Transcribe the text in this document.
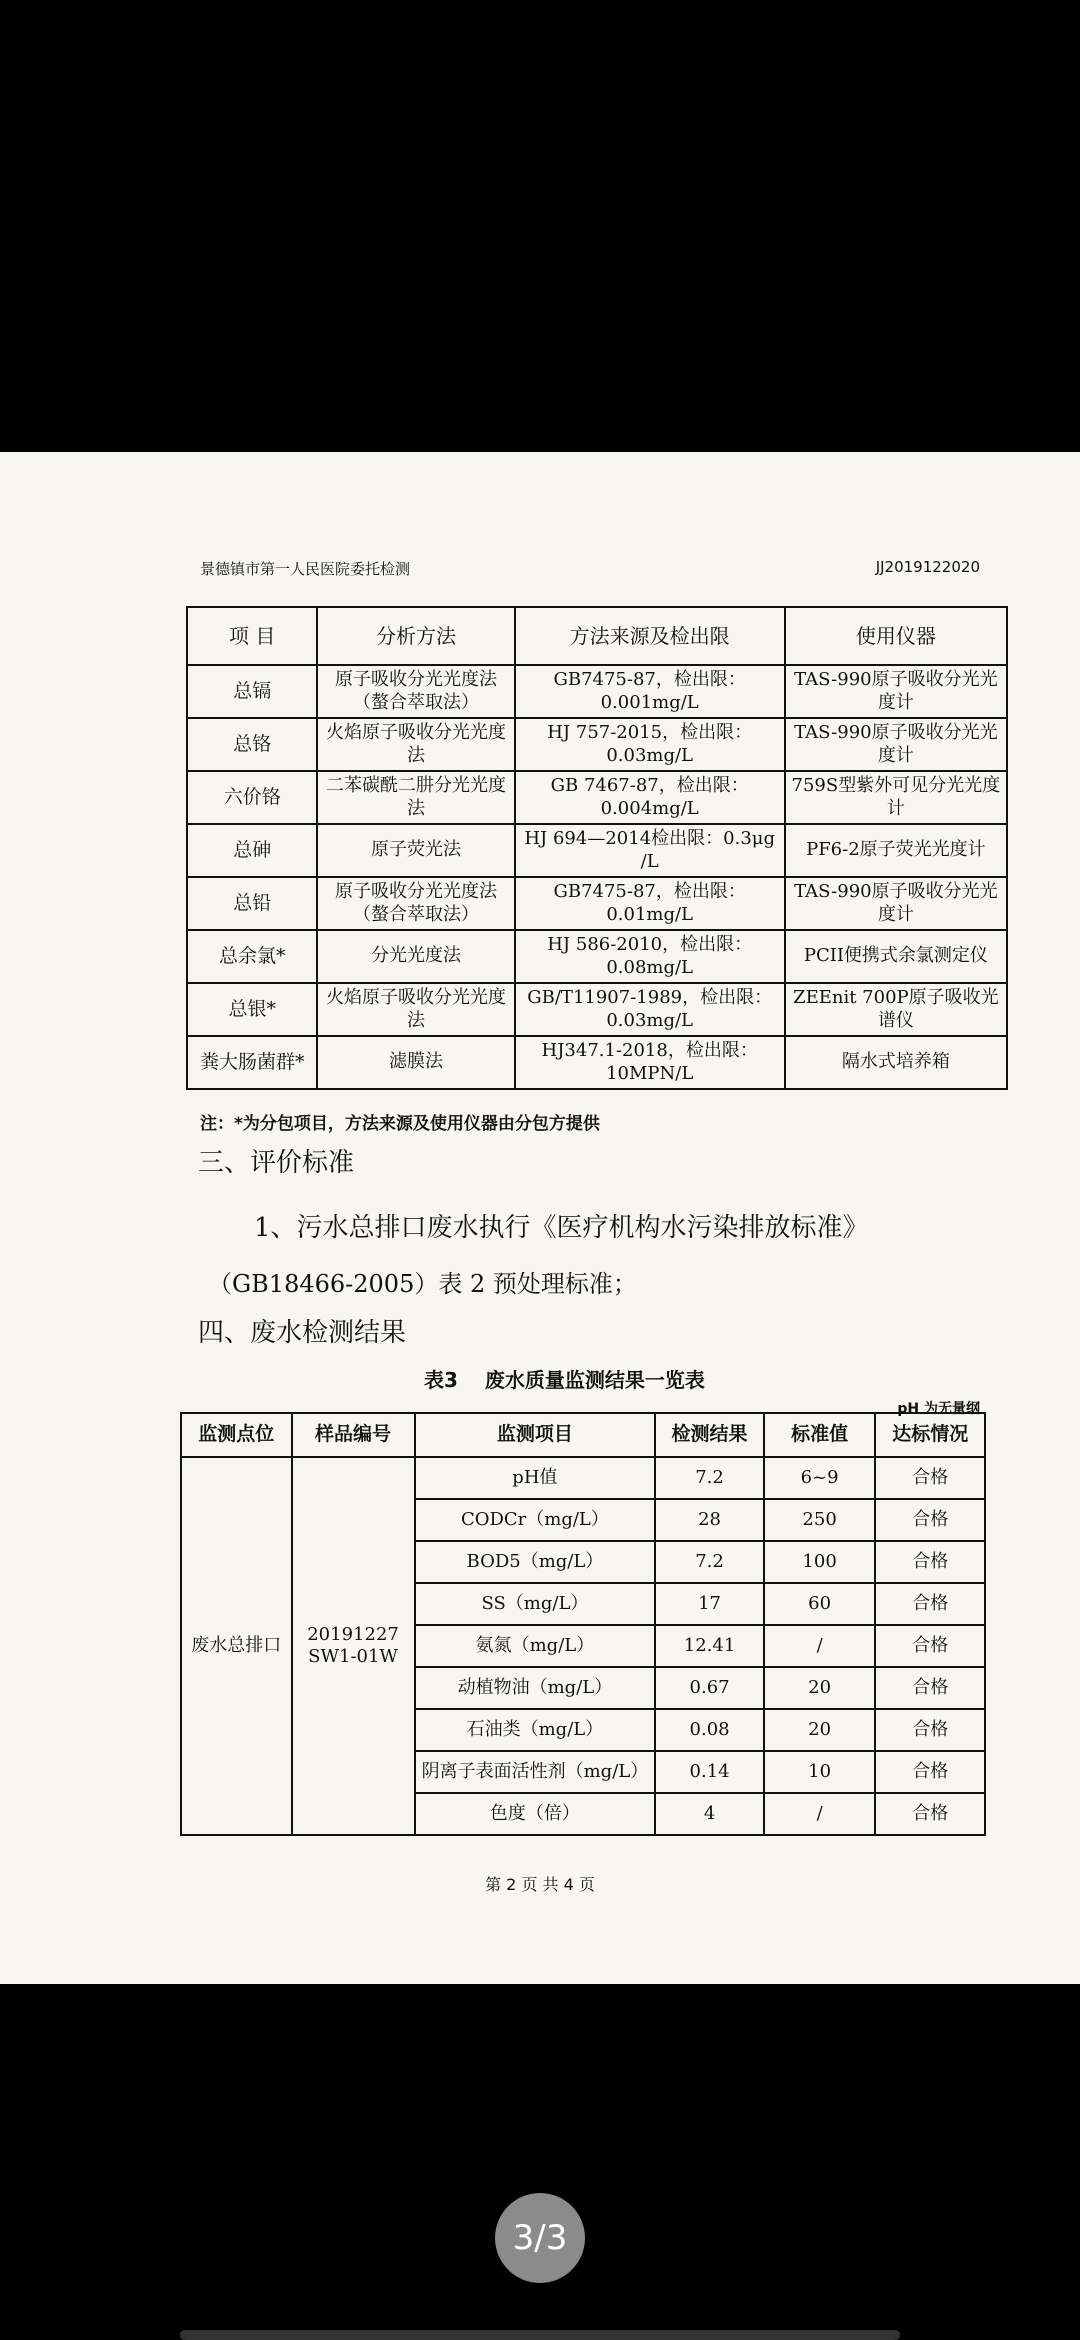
景德镇市第一人民医院委托检测	JJ2019122020
项 目	分析方法	方法来源及检出限	使用仪器
总镉	原子吸收分光光度法（螯合萃取法）	GB7475-87，检出限：0.001mg/L	TAS-990原子吸收分光光度计
总铬	火焰原子吸收分光光度法	HJ 757-2015，检出限：0.03mg/L	TAS-990原子吸收分光光度计
六价铬	二苯碳酰二肼分光光度法	GB 7467-87，检出限：0.004mg/L	759S型紫外可见分光光度计
总砷	原子荧光法	HJ 694—2014检出限：0.3μg /L	PF6-2原子荧光光度计
总铅	原子吸收分光光度法（螯合萃取法）	GB7475-87，检出限：0.01mg/L	TAS-990原子吸收分光光度计
总余氯*	分光光度法	HJ 586-2010，检出限：0.08mg/L	PCII便携式余氯测定仪
总银*	火焰原子吸收分光光度法	GB/T11907-1989，检出限：0.03mg/L	ZEEnit 700P原子吸收光谱仪
粪大肠菌群*	滤膜法	HJ347.1-2018，检出限：10MPN/L	隔水式培养箱
注：*为分包项目，方法来源及使用仪器由分包方提供
三、评价标准
1、污水总排口废水执行《医疗机构水污染排放标准》
（GB18466-2005）表 2 预处理标准；
四、废水检测结果
表3　 废水质量监测结果一览表
pH 为无量纲
监测点位	样品编号	监测项目	检测结果	标准值	达标情况
废水总排口	20191227 SW1-01W	pH值	7.2	6~9	合格
		CODCr（mg/L）	28	250	合格
		BOD5（mg/L）	7.2	100	合格
		SS（mg/L）	17	60	合格
		氨氮（mg/L）	12.41	/	合格
		动植物油（mg/L）	0.67	20	合格
		石油类（mg/L）	0.08	20	合格
		阴离子表面活性剂（mg/L）	0.14	10	合格
		色度（倍）	4	/	合格
第 2 页 共 4 页
3/3
